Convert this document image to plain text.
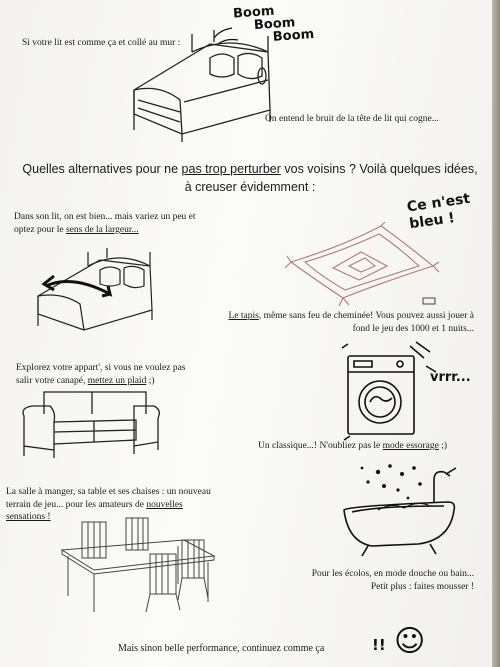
Si votre lit est comme ça et collé au mur :
Boom
Boom
Boom
On entend le bruit de la tête de lit qui cogne...
Quelles alternatives pour ne pas trop perturber vos voisins ? Voilà quelques idées, à creuser évidemment :
Dans son lit, on est bien... mais variez un peu et
optez pour le sens de la largeur...
Ce n'est bleu !
Le tapis, même sans feu de cheminée! Vous pouvez aussi jouer à fond le jeu des 1000 et 1 nuits...
Explorez votre appart', si vous ne voulez pas
salir votre canapé, mettez un plaid ;)	vrrr...
Un classique...! N'oubliez pas le mode essorage ;)
La salle à manger, sa table et ses chaises : un nouveau
terrain de jeu... pour les amateurs de nouvelles
sensations !
Pour les écolos, en mode douche ou bain...
Petit plus : faites mousser !
Mais sinon belle performance, continuez comme ça	!! ☺
